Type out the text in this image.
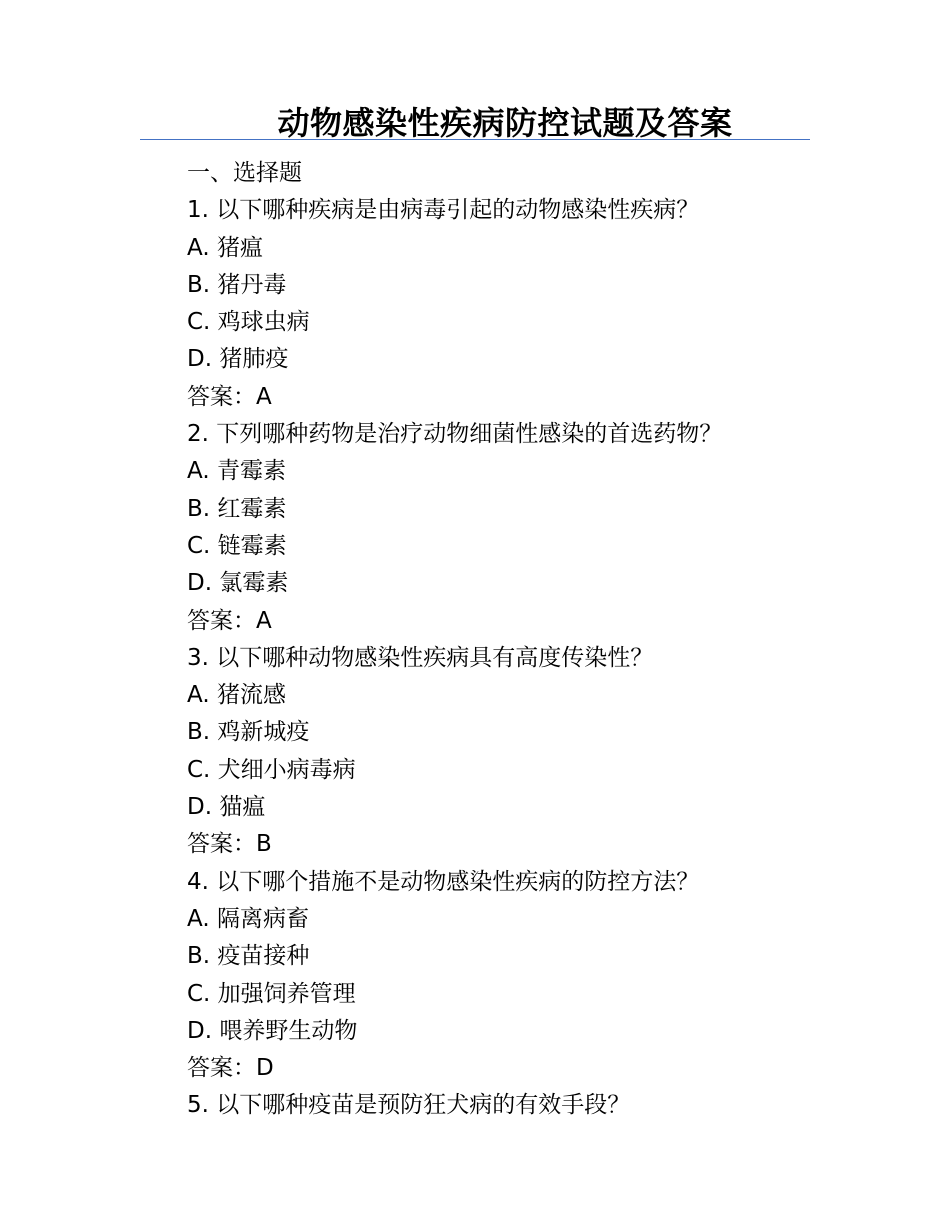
动物感染性疾病防控试题及答案
一、选择题
1. 以下哪种疾病是由病毒引起的动物感染性疾病？
A. 猪瘟
B. 猪丹毒
C. 鸡球虫病
D. 猪肺疫
答案：A
2. 下列哪种药物是治疗动物细菌性感染的首选药物？
A. 青霉素
B. 红霉素
C. 链霉素
D. 氯霉素
答案：A
3. 以下哪种动物感染性疾病具有高度传染性？
A. 猪流感
B. 鸡新城疫
C. 犬细小病毒病
D. 猫瘟
答案：B
4. 以下哪个措施不是动物感染性疾病的防控方法？
A. 隔离病畜
B. 疫苗接种
C. 加强饲养管理
D. 喂养野生动物
答案：D
5. 以下哪种疫苗是预防狂犬病的有效手段？
